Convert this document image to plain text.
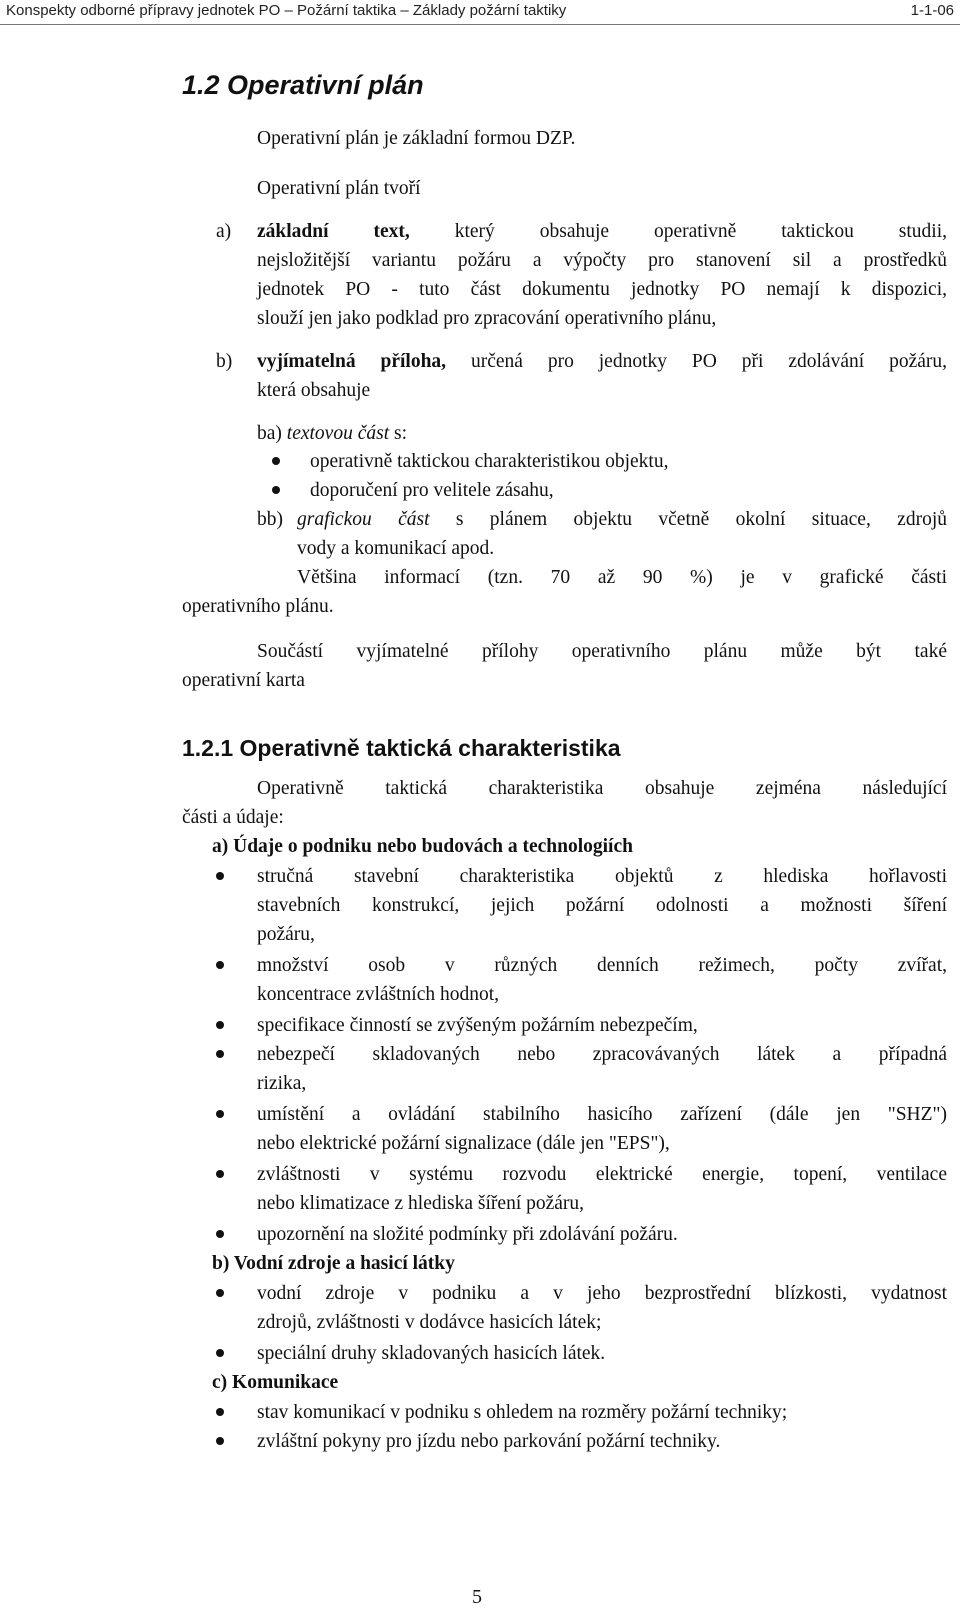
Konspekty odborné přípravy jednotek PO – Požární taktika – Základy požární taktiky	1-1-06
1.2 Operativní plán
Operativní plán je základní formou DZP.
Operativní plán tvoří
a) základní text, který obsahuje operativně taktickou studii,
nejsložitější variantu požáru a výpočty pro stanovení sil a prostředků
jednotek PO - tuto část dokumentu jednotky PO nemají k dispozici,
slouží jen jako podklad pro zpracování operativního plánu,
b) vyjímatelná příloha, určená pro jednotky PO při zdolávání požáru,
která obsahuje
ba) textovou část s:
operativně taktickou charakteristikou objektu,
doporučení pro velitele zásahu,
bb) grafickou část s plánem objektu včetně okolní situace, zdrojů
vody a komunikací apod.
Většina informací (tzn. 70 až 90 %) je v grafické části
operativního plánu.
Součástí vyjímatelné přílohy operativního plánu může být také
operativní karta
1.2.1 Operativně taktická charakteristika
Operativně taktická charakteristika obsahuje zejména následující
části a údaje:
a) Údaje o podniku nebo budovách a technologiích
stručná stavební charakteristika objektů z hlediska hořlavosti
stavebních konstrukcí, jejich požární odolnosti a možnosti šíření
požáru,
množství osob v různých denních režimech, počty zvířat,
koncentrace zvláštních hodnot,
specifikace činností se zvýšeným požárním nebezpečím,
nebezpečí skladovaných nebo zpracovávaných látek a případná
rizika,
umístění a ovládání stabilního hasicího zařízení (dále jen "SHZ")
nebo elektrické požární signalizace (dále jen "EPS"),
zvláštnosti v systému rozvodu elektrické energie, topení, ventilace
nebo klimatizace z hlediska šíření požáru,
upozornění na složité podmínky při zdolávání požáru.
b) Vodní zdroje a hasicí látky
vodní zdroje v podniku a v jeho bezprostřední blízkosti, vydatnost
zdrojů, zvláštnosti v dodávce hasicích látek;
speciální druhy skladovaných hasicích látek.
c) Komunikace
stav komunikací v podniku s ohledem na rozměry požární techniky;
zvláštní pokyny pro jízdu nebo parkování požární techniky.
5
